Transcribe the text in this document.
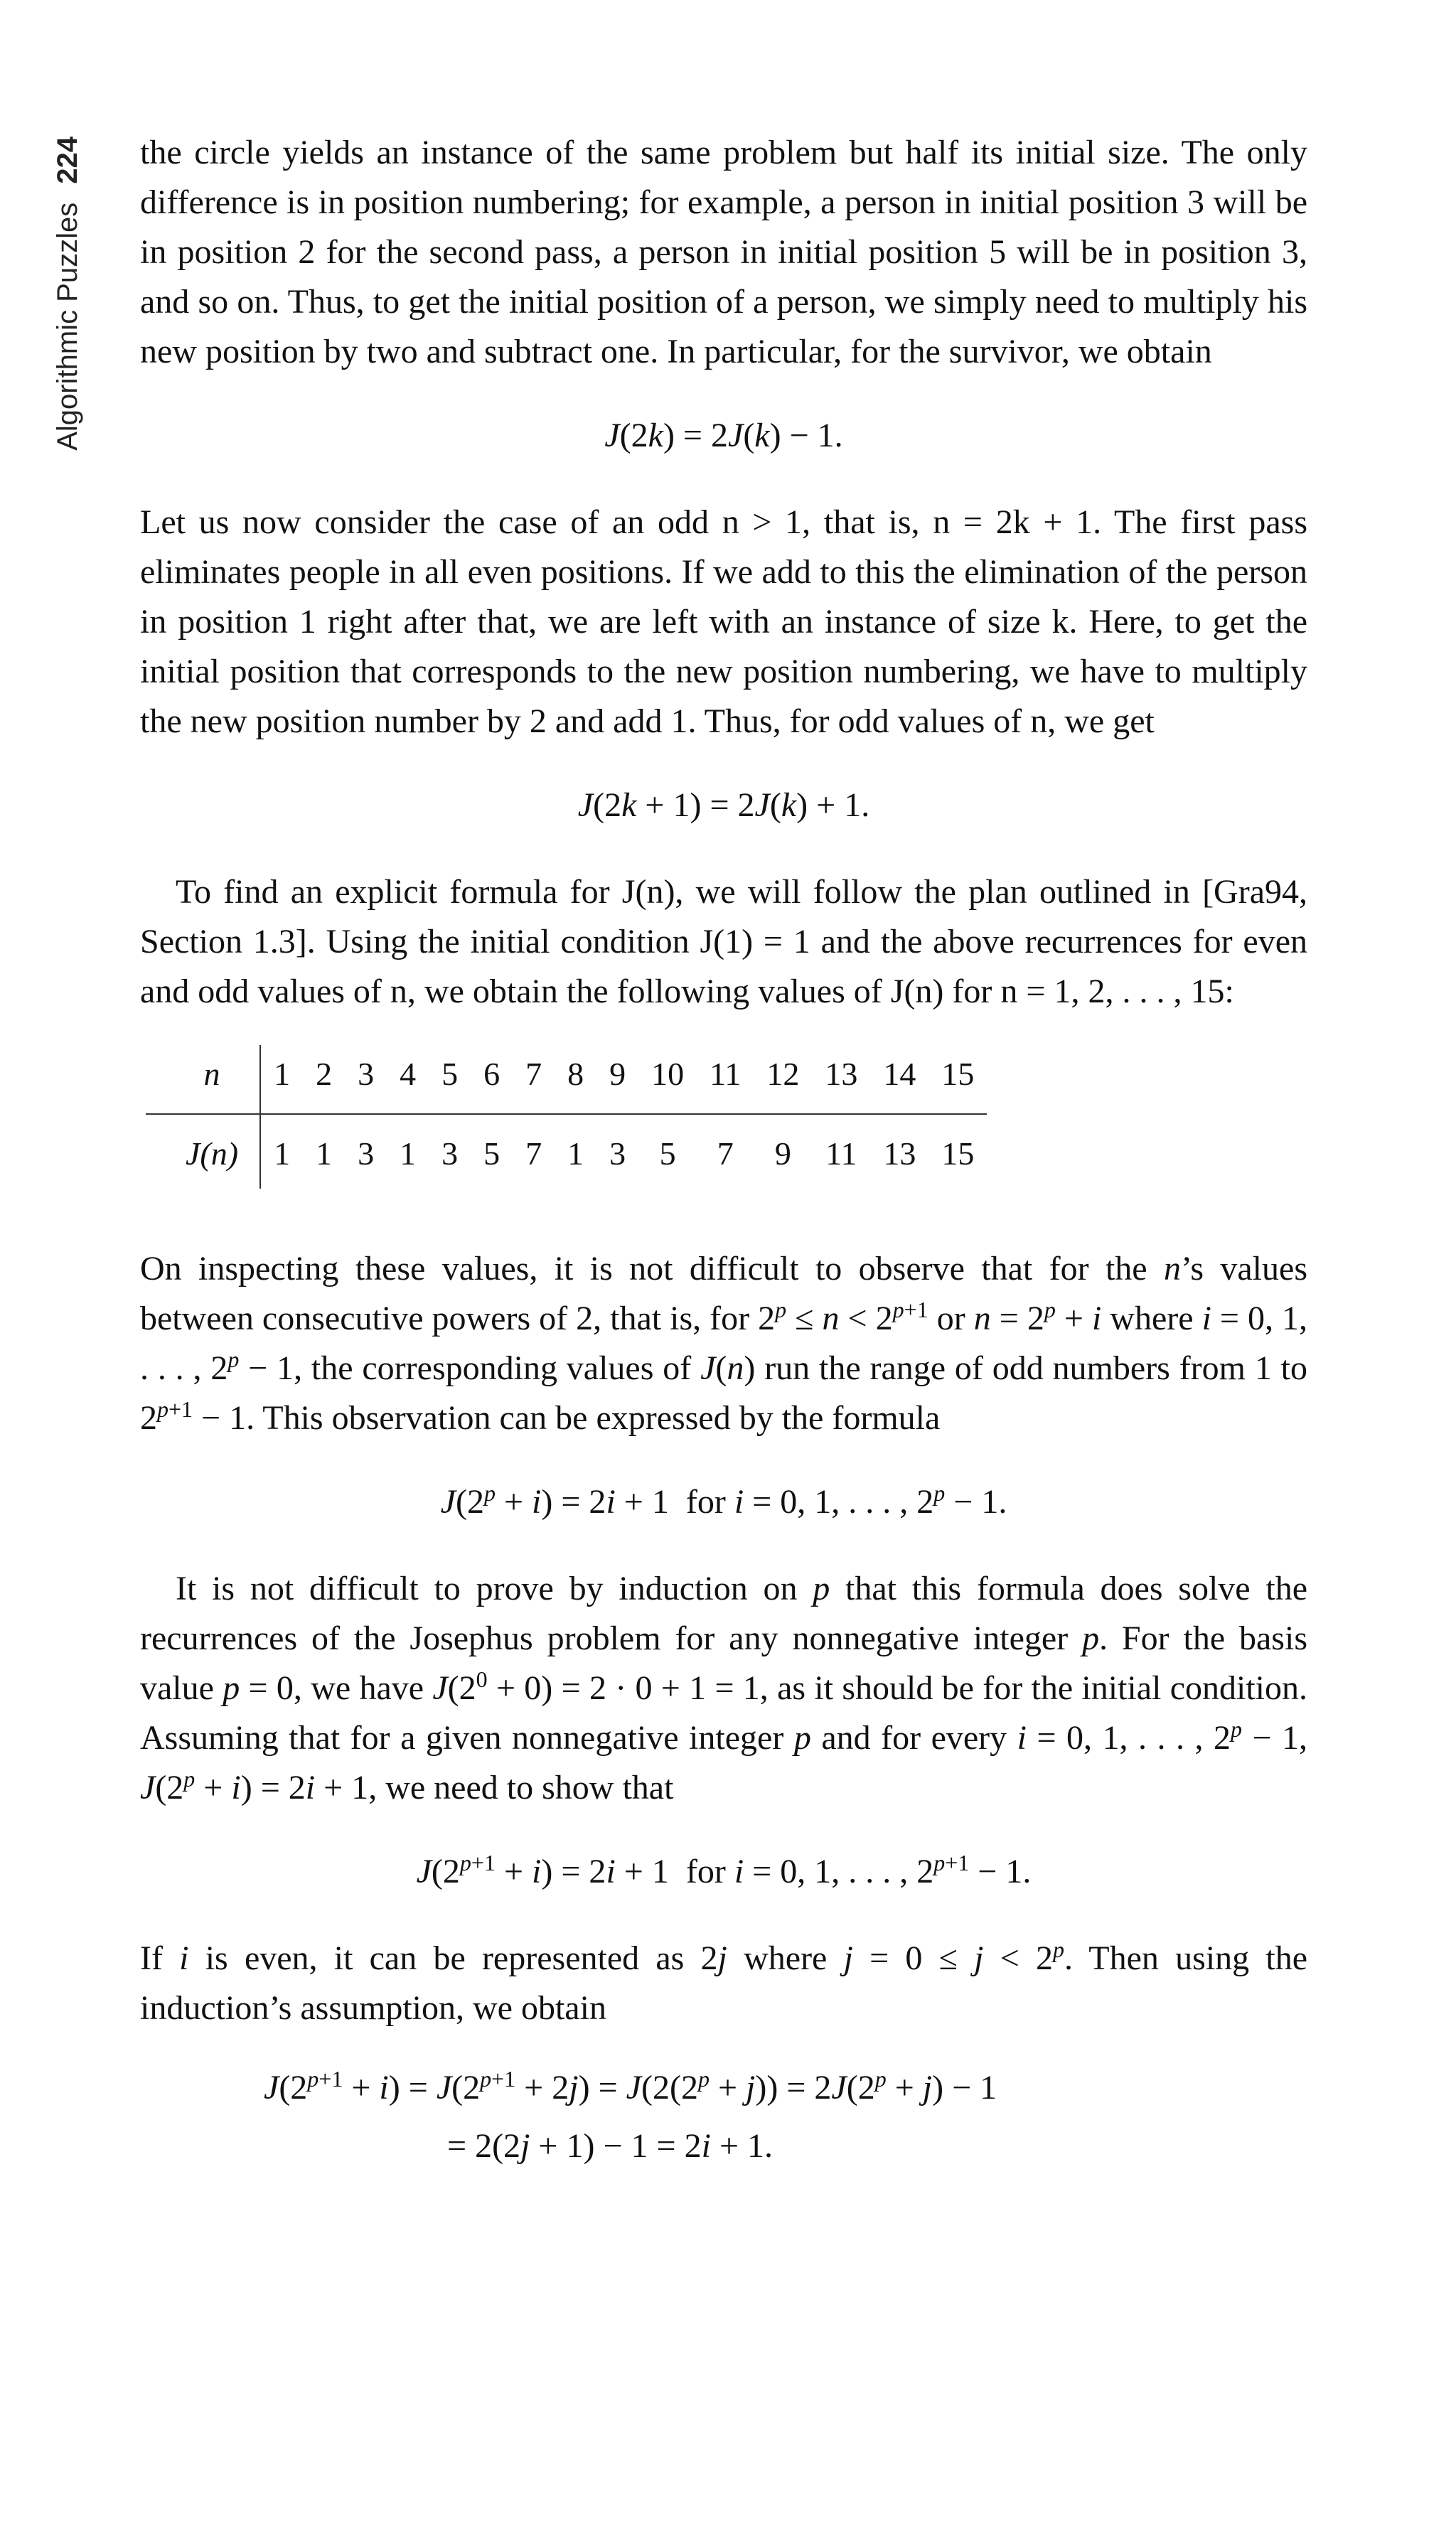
224
Algorithmic Puzzles

the circle yields an instance of the same problem but half its initial size. The only difference is in position numbering; for example, a person in initial position 3 will be in position 2 for the second pass, a person in initial position 5 will be in position 3, and so on. Thus, to get the initial position of a person, we simply need to multiply his new position by two and subtract one. In particular, for the survivor, we obtain

J(2k) = 2J(k) − 1.

Let us now consider the case of an odd n > 1, that is, n = 2k + 1. The first pass eliminates people in all even positions. If we add to this the elimination of the person in position 1 right after that, we are left with an instance of size k. Here, to get the initial position that corresponds to the new position numbering, we have to multiply the new position number by 2 and add 1. Thus, for odd values of n, we get

J(2k + 1) = 2J(k) + 1.

To find an explicit formula for J(n), we will follow the plan outlined in [Gra94, Section 1.3]. Using the initial condition J(1) = 1 and the above recurrences for even and odd values of n, we obtain the following values of J(n) for n = 1, 2, . . . , 15:

n	1	2	3	4	5	6	7	8	9	10	11	12	13	14	15
J(n)	1	1	3	1	3	5	7	1	3	5	7	9	11	13	15

On inspecting these values, it is not difficult to observe that for the n’s values between consecutive powers of 2, that is, for $2^p \le n < 2^{p+1}$ or $n = 2^p + i$ where i = 0, 1, . . . , $2^p - 1$, the corresponding values of J(n) run the range of odd numbers from 1 to $2^{p+1} - 1$. This observation can be expressed by the formula

$J(2^p + i) = 2i + 1$  for i = 0, 1, . . . , $2^p - 1$.

It is not difficult to prove by induction on p that this formula does solve the recurrences of the Josephus problem for any nonnegative integer p. For the basis value p = 0, we have $J(2^0 + 0) = 2 \cdot 0 + 1 = 1$, as it should be for the initial condition. Assuming that for a given nonnegative integer p and for every i = 0, 1, . . . , $2^p - 1$, $J(2^p + i) = 2i + 1$, we need to show that

$J(2^{p+1} + i) = 2i + 1$  for i = 0, 1, . . . , $2^{p+1} - 1$.

If i is even, it can be represented as 2j where $j = 0 \le j < 2^p$. Then using the induction’s assumption, we obtain

$J(2^{p+1} + i) = J(2^{p+1} + 2j) = J(2(2^p + j)) = 2J(2^p + j) - 1$
= 2(2j + 1) − 1 = 2i + 1.
